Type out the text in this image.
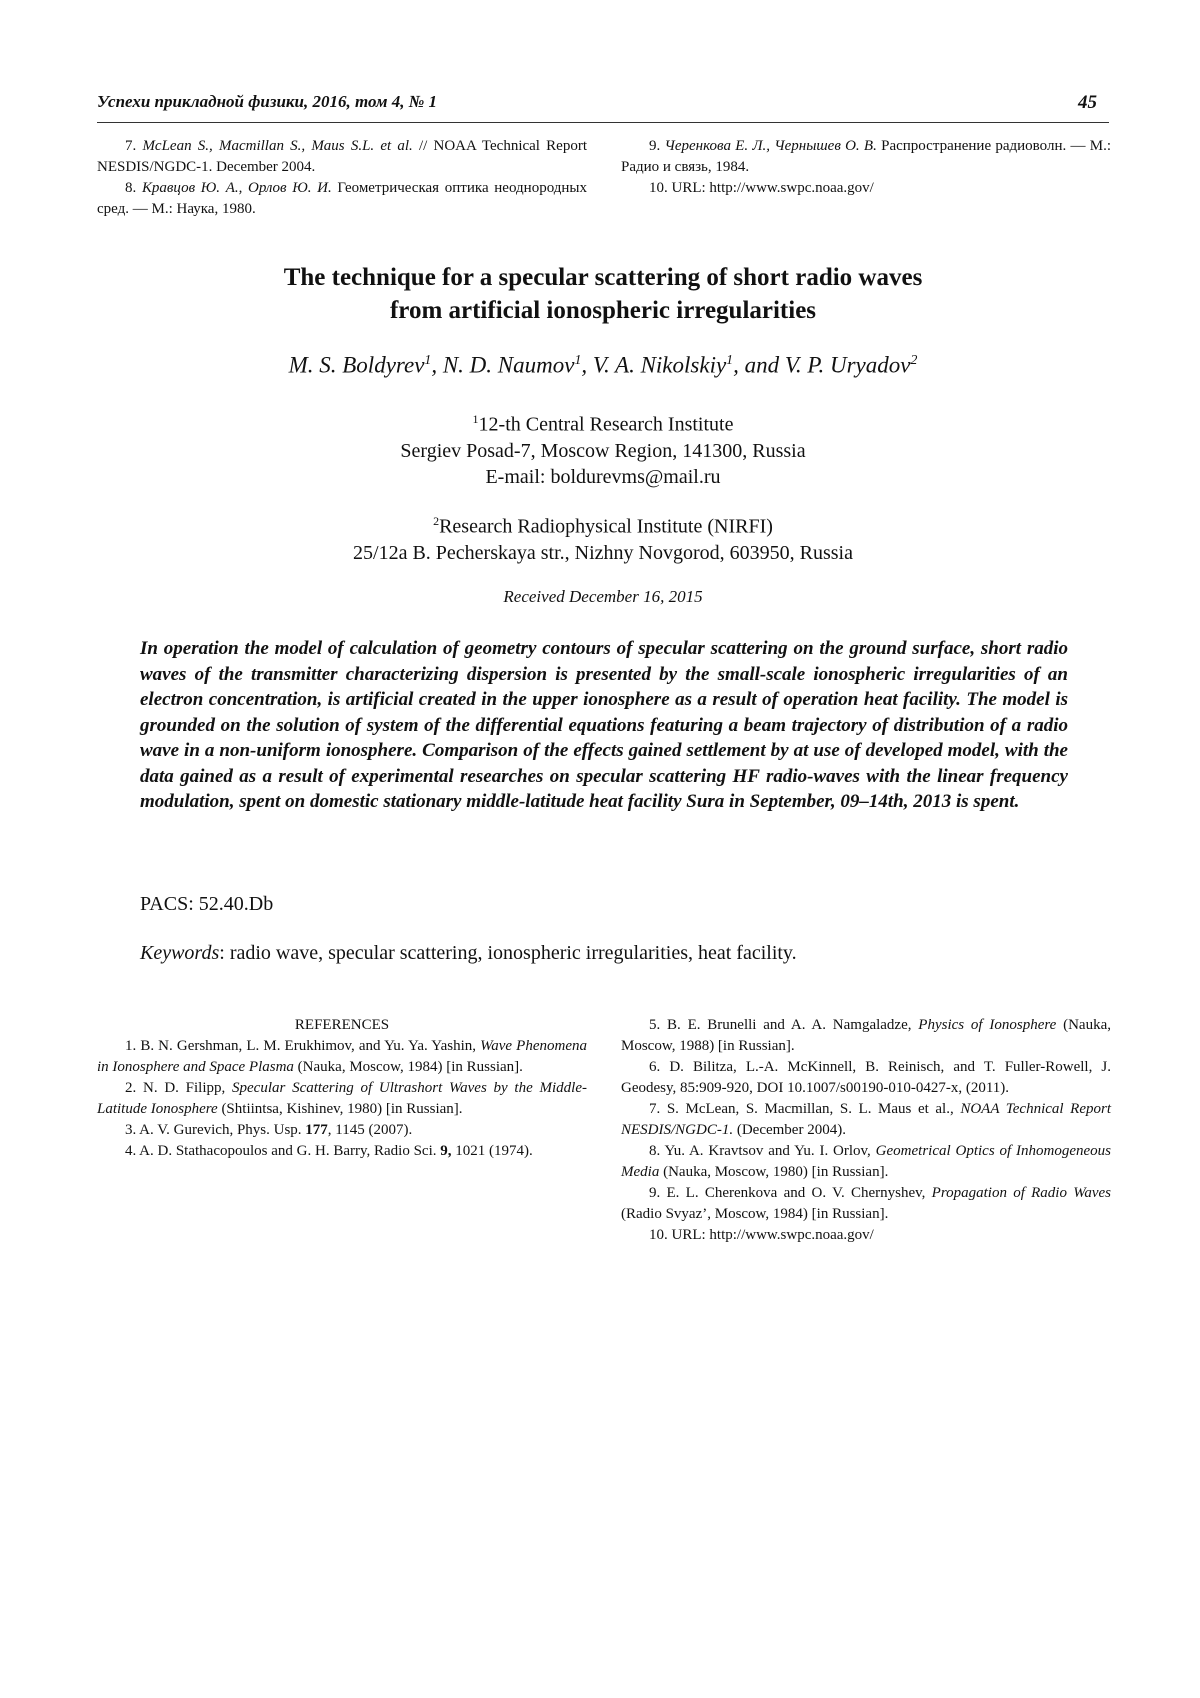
Успехи прикладной физики, 2016, том 4, № 1	45

7. McLean S., Macmillan S., Maus S.L. et al. // NOAA Technical Report NESDIS/NGDC-1. December 2004.

8. Кравцов Ю. А., Орлов Ю. И. Геометрическая оптика неоднородных сред. — М.: Наука, 1980.

9. Черенкова Е. Л., Чернышев О. В. Распространение радиоволн. — М.: Радио и связь, 1984.

10. URL: http://www.swpc.noaa.gov/

The technique for a specular scattering of short radio waves
from artificial ionospheric irregularities
M. S. Boldyrev$^1$, N. D. Naumov$^1$, V. A. Nikolskiy$^1$, and V. P. Uryadov$^2$
$^1$12-th Central Research Institute
Sergiev Posad-7, Moscow Region, 141300, Russia
E-mail: boldurevms@mail.ru
$^2$Research Radiophysical Institute (NIRFI)
25/12a B. Pecherskaya str., Nizhny Novgorod, 603950, Russia
Received December 16, 2015

In operation the model of calculation of geometry contours of specular scattering on the ground surface, short radio waves of the transmitter characterizing dispersion is presented by the small-scale ionospheric irregularities of an electron concentration, is artificial created in the upper ionosphere as a result of operation heat facility. The model is grounded on the solution of system of the differential equations featuring a beam trajectory of distribution of a radio wave in a non-uniform ionosphere. Comparison of the effects gained settlement by at use of developed model, with the data gained as a result of experimental researches on specular scattering HF radio-waves with the linear frequency modulation, spent on domestic stationary middle-latitude heat facility Sura in September, 09–14th, 2013 is spent.

PACS: 52.40.Db
Keywords: radio wave, specular scattering, ionospheric irregularities, heat facility.

REFERENCES

1. B. N. Gershman, L. M. Erukhimov, and Yu. Ya. Yashin, Wave Phenomena in Ionosphere and Space Plasma (Nauka, Moscow, 1984) [in Russian].

2. N. D. Filipp, Specular Scattering of Ultrashort Waves by the Middle-Latitude Ionosphere (Shtiintsa, Kishinev, 1980) [in Russian].

3. A. V. Gurevich, Phys. Usp. 177, 1145 (2007).

4. A. D. Stathacopoulos and G. H. Barry, Radio Sci. 9, 1021 (1974).

5. B. E. Brunelli and A. A. Namgaladze, Physics of Ionosphere (Nauka, Moscow, 1988) [in Russian].

6. D. Bilitza, L.-A. McKinnell, B. Reinisch, and T. Fuller-Rowell, J. Geodesy, 85:909-920, DOI 10.1007/s00190-010-0427-x, (2011).

7. S. McLean, S. Macmillan, S. L. Maus et al., NOAA Technical Report NESDIS/NGDC-1. (December 2004).

8. Yu. A. Kravtsov and Yu. I. Orlov, Geometrical Optics of Inhomogeneous Media (Nauka, Moscow, 1980) [in Russian].

9. E. L. Cherenkova and O. V. Chernyshev, Propagation of Radio Waves (Radio Svyaz’, Moscow, 1984) [in Russian].

10. URL: http://www.swpc.noaa.gov/
